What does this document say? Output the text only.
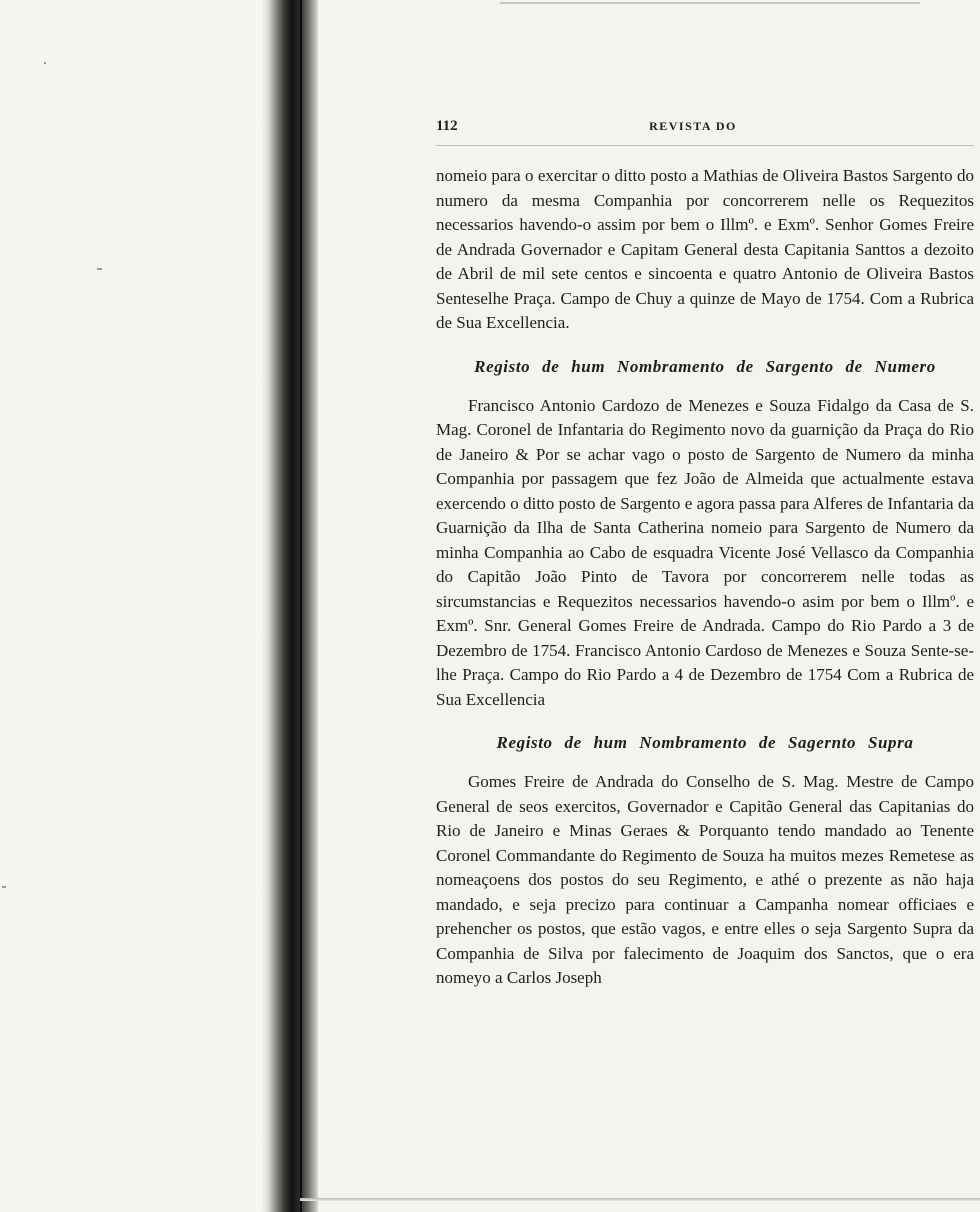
112	REVISTA DO

nomeio para o exercitar o ditto posto a Mathias de Oliveira Bastos Sargento do numero da mesma Companhia por concorrerem nelle os Requezitos necessarios havendo-o assim por bem o Illmº. e Exmº. Senhor Gomes Freire de Andrada Governador e Capitam General desta Capitania Santtos a dezoito de Abril de mil sete centos e sincoenta e quatro Antonio de Oliveira Bastos Senteselhe Praça. Campo de Chuy a quinze de Mayo de 1754. Com a Rubrica de Sua Excellencia.

Registo de hum Nombramento de Sargento de Numero

Francisco Antonio Cardozo de Menezes e Souza Fidalgo da Casa de S. Mag. Coronel de Infantaria do Regimento novo da guarnição da Praça do Rio de Janeiro & Por se achar vago o posto de Sargento de Numero da minha Companhia por passagem que fez João de Almeida que actualmente estava exercendo o ditto posto de Sargento e agora passa para Alferes de Infantaria da Guarnição da Ilha de Santa Catherina nomeio para Sargento de Numero da minha Companhia ao Cabo de esquadra Vicente José Vellasco da Companhia do Capitão João Pinto de Tavora por concorrerem nelle todas as sircumstancias e Requezitos necessarios havendo-o asim por bem o Illmº. e Exmº. Snr. General Gomes Freire de Andrada. Campo do Rio Pardo a 3 de Dezembro de 1754. Francisco Antonio Cardoso de Menezes e Souza Sente-se-lhe Praça. Campo do Rio Pardo a 4 de Dezembro de 1754 Com a Rubrica de Sua Excellencia

Registo de hum Nombramento de Sagernto Supra

Gomes Freire de Andrada do Conselho de S. Mag. Mestre de Campo General de seos exercitos, Governador e Capitão General das Capitanias do Rio de Janeiro e Minas Geraes & Porquanto tendo mandado ao Tenente Coronel Commandante do Regimento de Souza ha muitos mezes Remetese as nomeaçoens dos postos do seu Regimento, e athé o prezente as não haja mandado, e seja precizo para continuar a Campanha nomear officiaes e prehencher os postos, que estão vagos, e entre elles o seja Sargento Supra da Companhia de Silva por falecimento de Joaquim dos Sanctos, que o era nomeyo a Carlos Joseph
